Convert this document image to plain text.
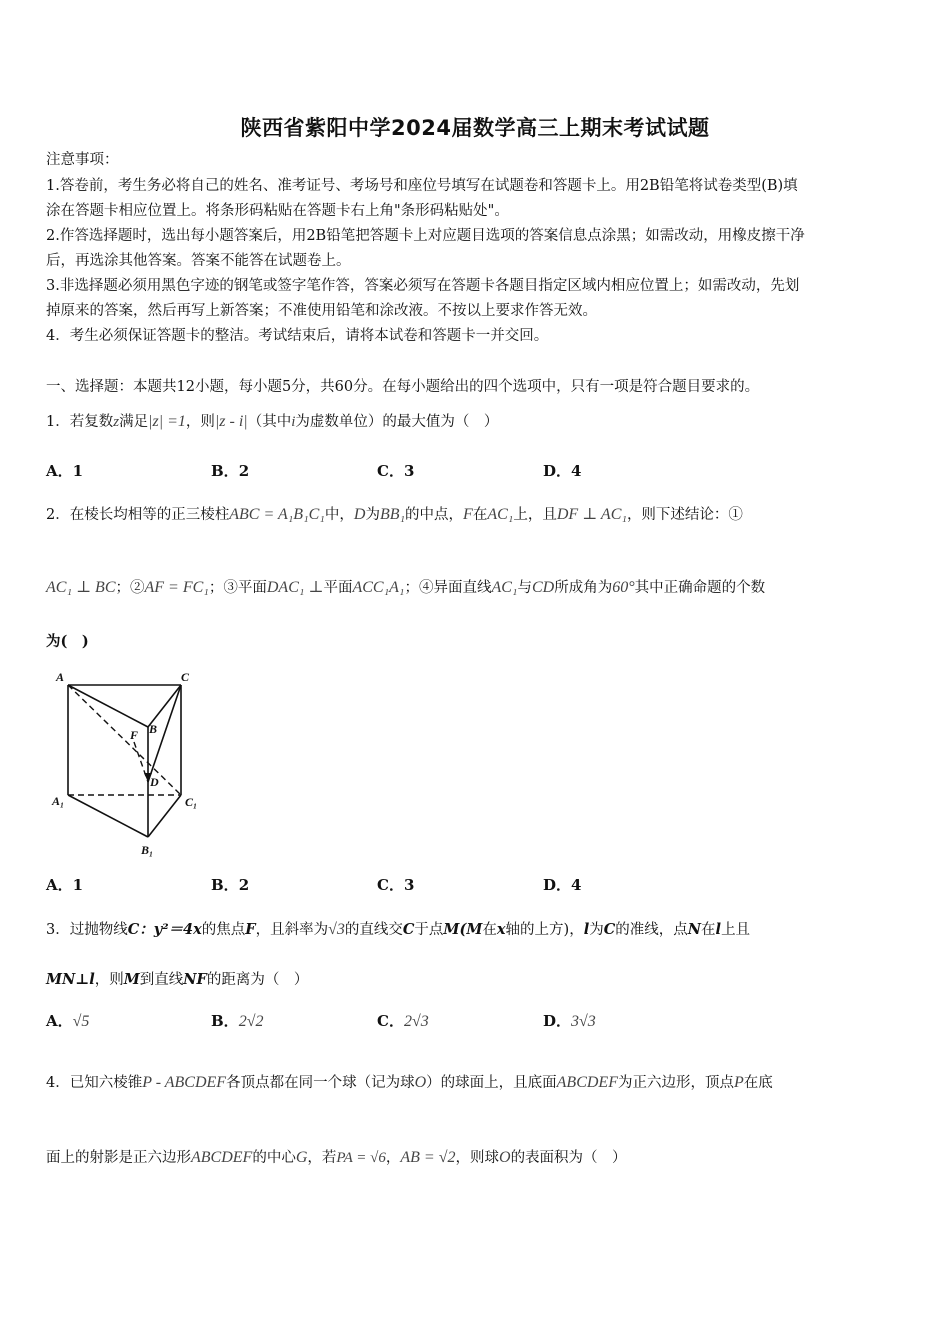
陕西省紫阳中学2024届数学高三上期末考试试题
注意事项：
1.答卷前，考生务必将自己的姓名、准考证号、考场号和座位号填写在试题卷和答题卡上。用2B铅笔将试卷类型(B)填
涂在答题卡相应位置上。将条形码粘贴在答题卡右上角"条形码粘贴处"。
2.作答选择题时，选出每小题答案后，用2B铅笔把答题卡上对应题目选项的答案信息点涂黑；如需改动，用橡皮擦干净
后，再选涂其他答案。答案不能答在试题卷上。
3.非选择题必须用黑色字迹的钢笔或签字笔作答，答案必须写在答题卡各题目指定区域内相应位置上；如需改动，先划
掉原来的答案，然后再写上新答案；不准使用铅笔和涂改液。不按以上要求作答无效。
4．考生必须保证答题卡的整洁。考试结束后，请将本试卷和答题卡一并交回。
一、选择题：本题共12小题，每小题5分，共60分。在每小题给出的四个选项中，只有一项是符合题目要求的。
1．若复数z满足|z| =1，则|z - i|（其中i为虚数单位）的最大值为（　）
A．1	B．2	C．3	D．4
2．在棱长均相等的正三棱柱ABC = A₁B₁C₁中，D为BB₁的中点，F在AC₁上，且DF ⊥ AC₁，则下述结论：①
AC₁ ⊥ BC；②AF = FC₁；③平面DAC₁ ⊥平面ACC₁A₁；④异面直线AC₁与CD所成角为60°其中正确命题的个数
为(　)
A	C
B
F
D
A₁	C₁
B₁
A．1	B．2	C．3	D．4
3．过抛物线C：y²＝4x的焦点F，且斜率为√3的直线交C于点M(M在x轴的上方)，l为C的准线，点N在l上且
MN⊥l，则M到直线NF的距离为（　）
A．√5	B．2√2	C．2√3	D．3√3
4．已知六棱锥P - ABCDEF各顶点都在同一个球（记为球O）的球面上，且底面ABCDEF为正六边形，顶点P在底
面上的射影是正六边形ABCDEF的中心G，若PA = √6，AB = √2，则球O的表面积为（　）
